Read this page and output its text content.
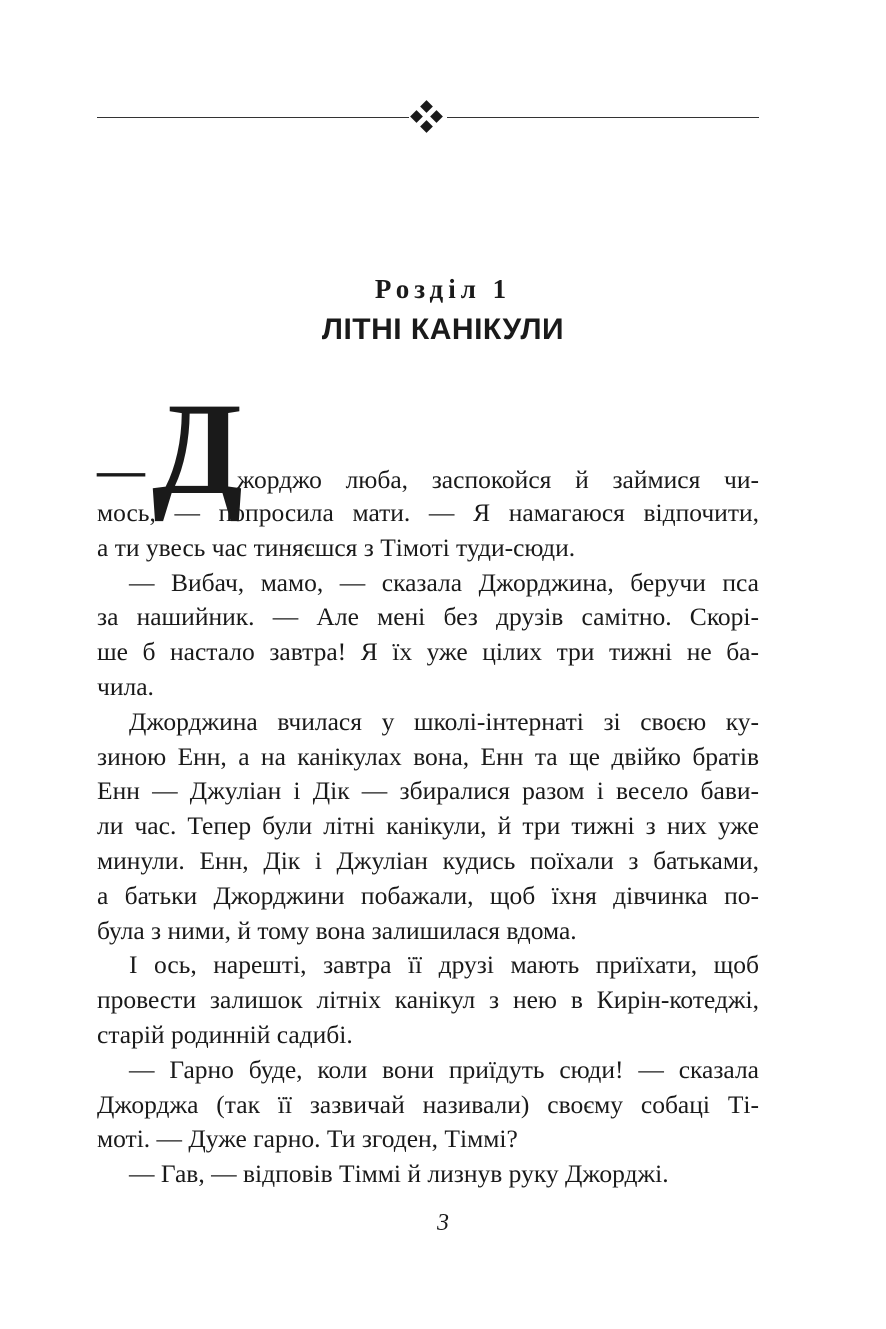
Розділ 1
ЛІТНІ КАНІКУЛИ
— Д
жорджо люба, заспокойся й займися чи-
мось, — попросила мати. — Я намагаюся відпочити,
а ти увесь час тиняєшся з Тімоті туди-сюди.
— Вибач, мамо, — сказала Джорджина, беручи пса
за нашийник. — Але мені без друзів самітно. Скорі-
ше б настало завтра! Я їх уже цілих три тижні не ба-
чила.
Джорджина вчилася у школі-інтернаті зі своєю ку-
зиною Енн, а на канікулах вона, Енн та ще двійко братів
Енн — Джуліан і Дік — збиралися разом і весело бави-
ли час. Тепер були літні канікули, й три тижні з них уже
минули. Енн, Дік і Джуліан кудись поїхали з батьками,
а батьки Джорджини побажали, щоб їхня дівчинка по-
була з ними, й тому вона залишилася вдома.
І ось, нарешті, завтра її друзі мають приїхати, щоб
провести залишок літніх канікул з нею в Кирін-котеджі,
старій родинній садибі.
— Гарно буде, коли вони приїдуть сюди! — сказала
Джорджа (так її зазвичай називали) своєму собаці Ті-
моті. — Дуже гарно. Ти згоден, Тіммі?
— Гав, — відповів Тіммі й лизнув руку Джорджі.
3
